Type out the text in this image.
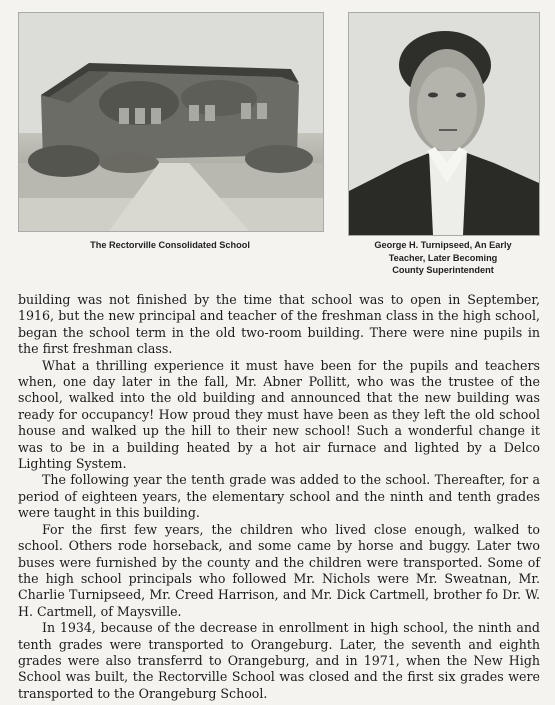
The Rectorville Consolidated School	George H. Turnipseed, An Early
Teacher, Later Becoming
County Superintendent

building was not finished by the time that school was to open in September, 1916, but the new principal and teacher of the freshman class in the high school, began the school term in the old two-room building. There were nine pupils in the first freshman class.

What a thrilling experience it must have been for the pupils and teachers when, one day later in the fall, Mr. Abner Pollitt, who was the trustee of the school, walked into the old building and announced that the new building was ready for occupancy! How proud they must have been as they left the old school house and walked up the hill to their new school! Such a wonderful change it was to be in a building heated by a hot air furnace and lighted by a Delco Lighting System.

The following year the tenth grade was added to the school. Thereafter, for a period of eighteen years, the elementary school and the ninth and tenth grades were taught in this building.

For the first few years, the children who lived close enough, walked to school. Others rode horseback, and some came by horse and buggy. Later two buses were furnished by the county and the children were transported. Some of the high school principals who followed Mr. Nichols were Mr. Sweatnan, Mr. Charlie Turnipseed, Mr. Creed Harrison, and Mr. Dick Cartmell, brother fo Dr. W. H. Cartmell, of Maysville.

In 1934, because of the decrease in enrollment in high school, the ninth and tenth grades were transported to Orangeburg. Later, the seventh and eighth grades were also transferrd to Orangeburg, and in 1971, when the New High School was built, the Rectorville School was closed and the first six grades were transported to the Orangeburg School.
